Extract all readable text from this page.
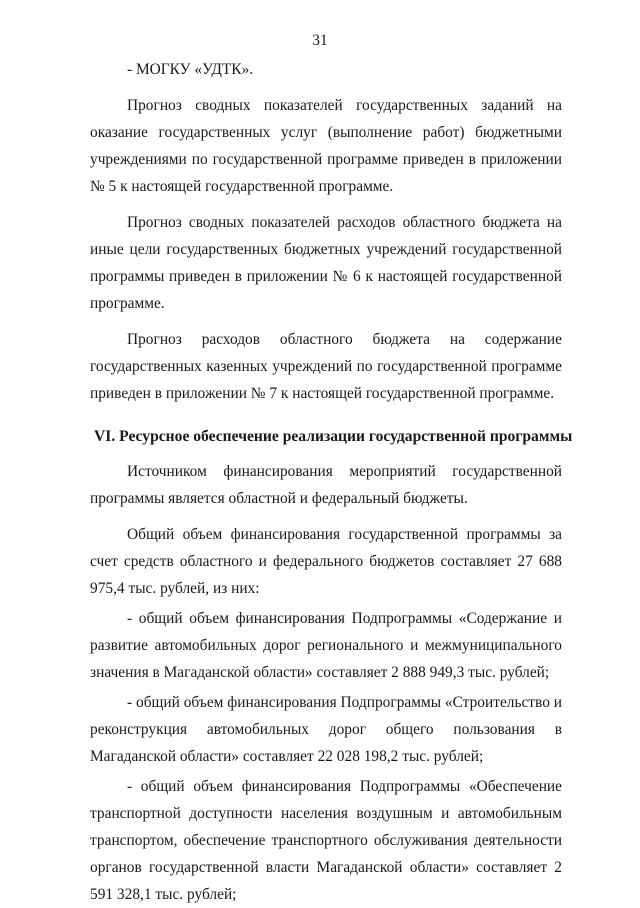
31

- МОГКУ «УДТК».

Прогноз сводных показателей государственных заданий на оказание государственных услуг (выполнение работ) бюджетными учреждениями по государственной программе приведен в приложении № 5 к настоящей государственной программе.

Прогноз сводных показателей расходов областного бюджета на иные цели государственных бюджетных учреждений государственной программы приведен в приложении № 6 к настоящей государственной программе.

Прогноз расходов областного бюджета на содержание государственных казенных учреждений по государственной программе приведен в приложении № 7 к настоящей государственной программе.

VI. Ресурсное обеспечение реализации государственной программы

Источником финансирования мероприятий государственной программы является областной и федеральный бюджеты.

Общий объем финансирования государственной программы за счет средств областного и федерального бюджетов составляет 27 688 975,4 тыс. рублей, из них:

- общий объем финансирования Подпрограммы «Содержание и развитие автомобильных дорог регионального и межмуниципального значения в Магаданской области» составляет 2 888 949,3 тыс. рублей;

- общий объем финансирования Подпрограммы «Строительство и реконструкция автомобильных дорог общего пользования в Магаданской области» составляет 22 028 198,2 тыс. рублей;

- общий объем финансирования Подпрограммы «Обеспечение транспортной доступности населения воздушным и автомобильным транспортом, обеспечение транспортного обслуживания деятельности органов государственной власти Магаданской области» составляет 2 591 328,1 тыс. рублей;
